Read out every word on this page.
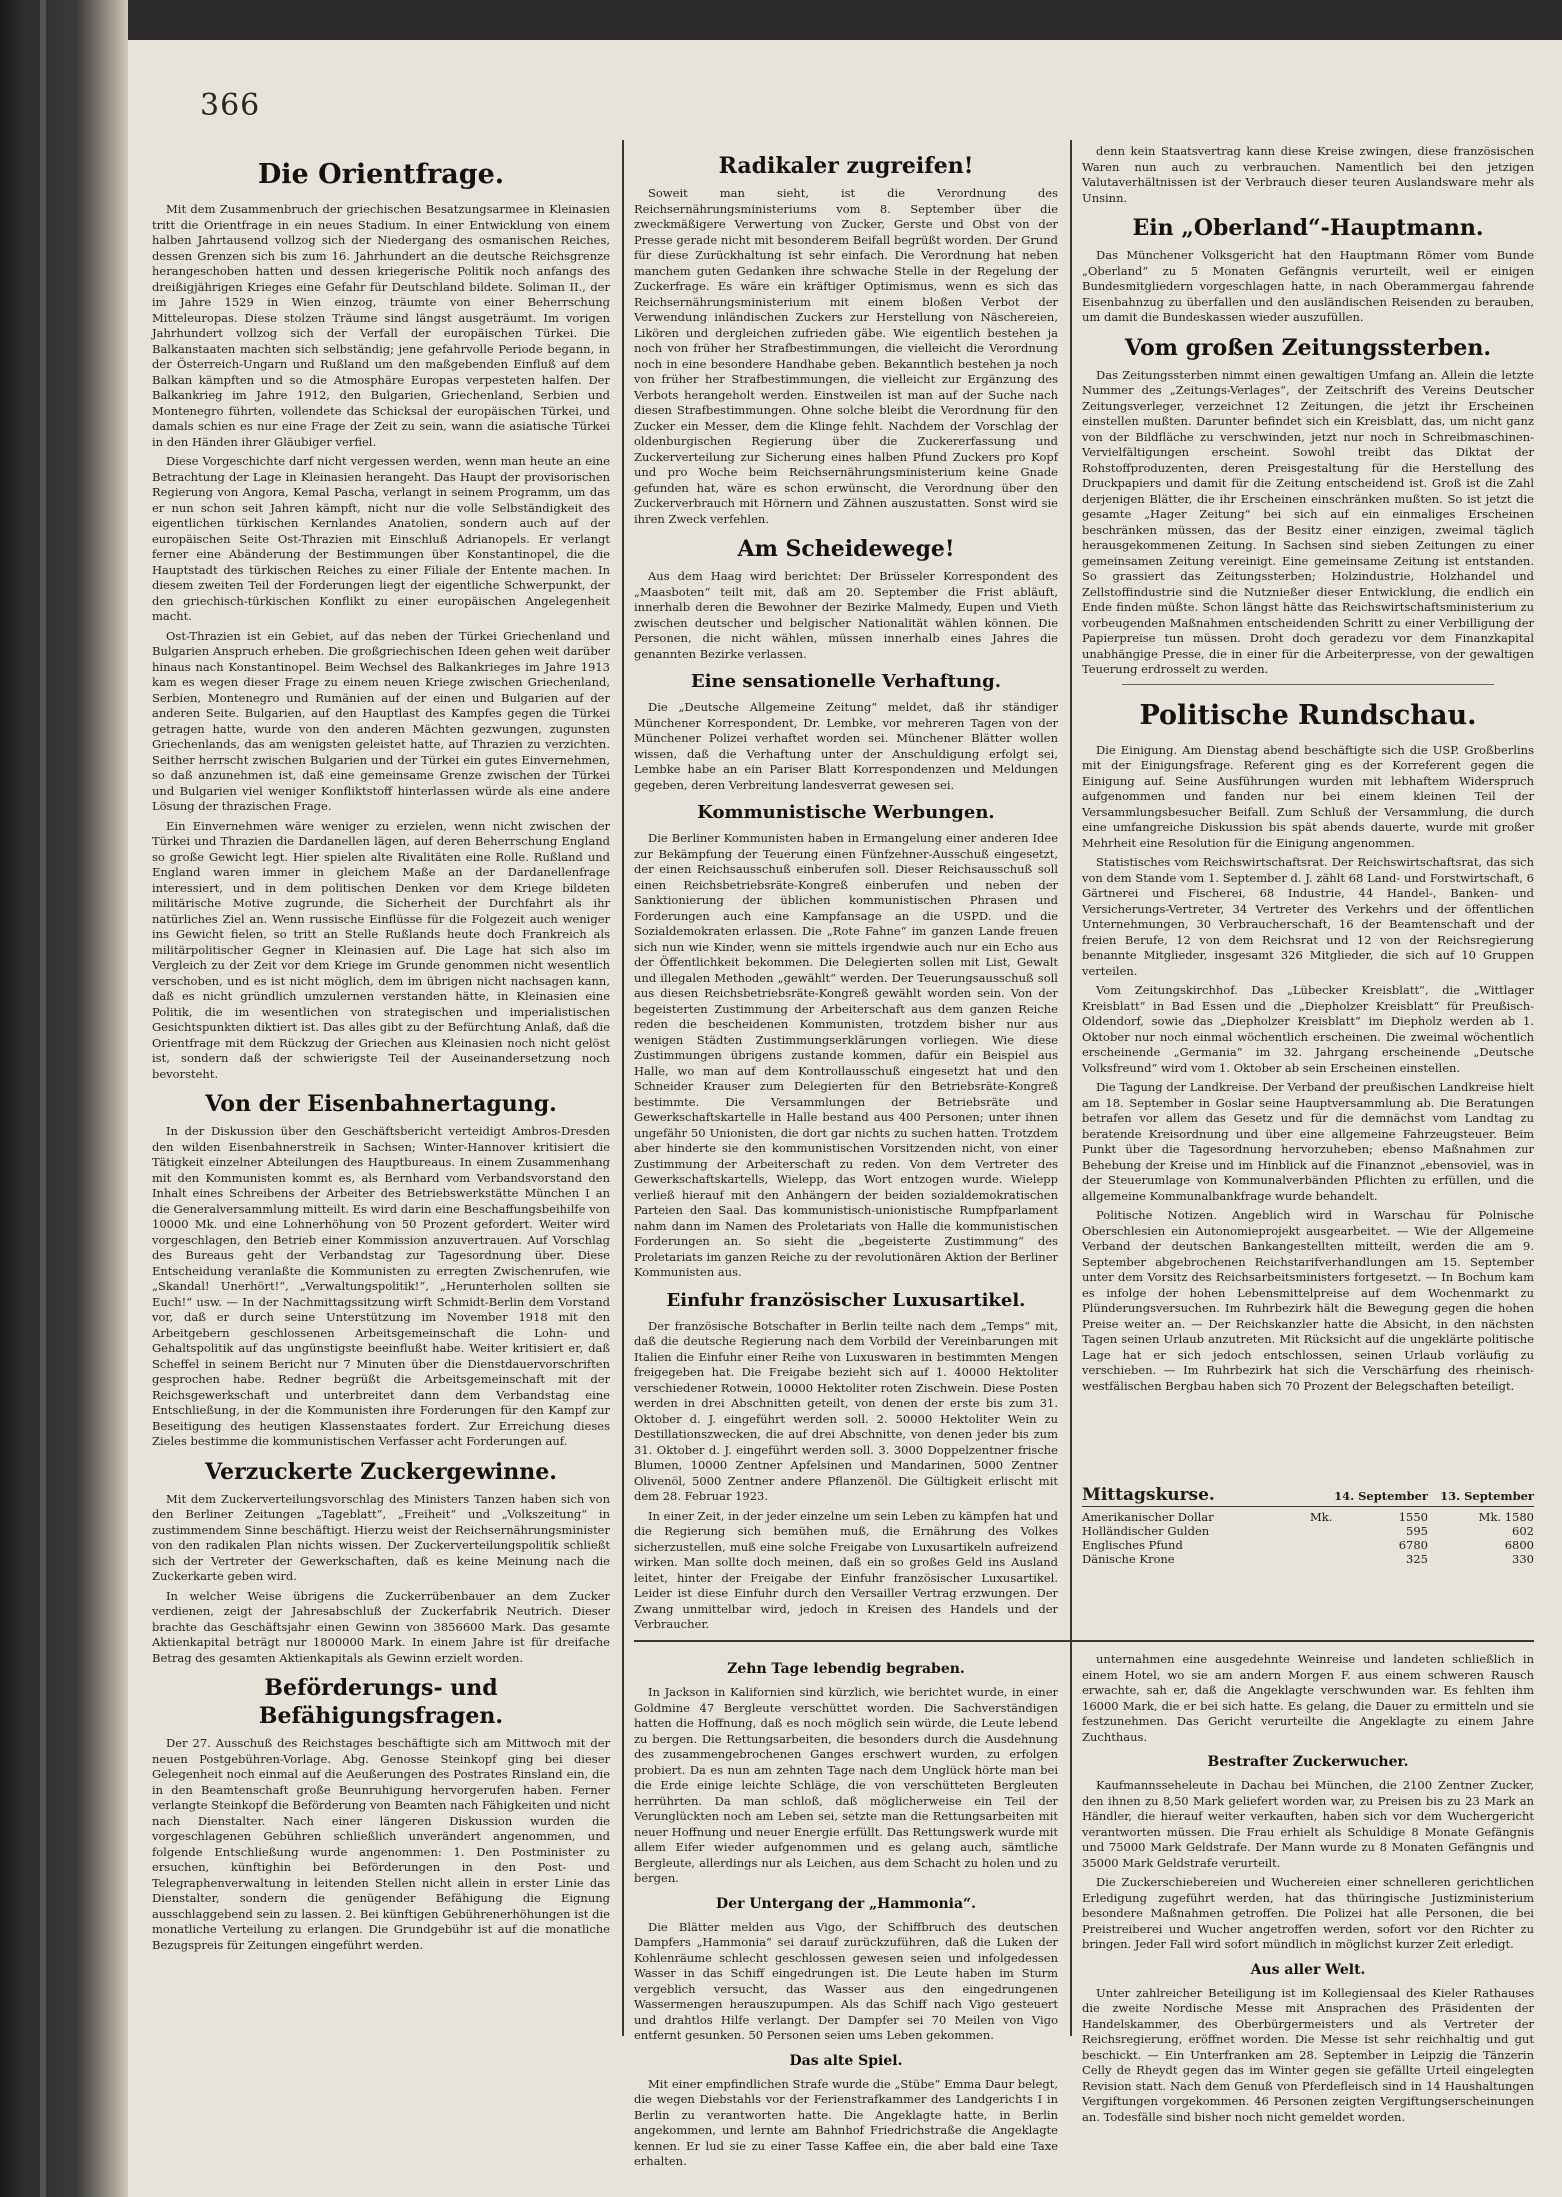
366
Die Orientfrage.

Mit dem Zusammenbruch der griechischen Besatzungsarmee in Kleinasien tritt die Orientfrage in ein neues Stadium. In einer Entwicklung von einem halben Jahrtausend vollzog sich der Niedergang des osmanischen Reiches, dessen Grenzen sich bis zum 16. Jahrhundert an die deutsche Reichsgrenze herangeschoben hatten und dessen kriegerische Politik noch anfangs des dreißigjährigen Krieges eine Gefahr für Deutschland bildete. Soliman II., der im Jahre 1529 in Wien einzog, träumte von einer Beherrschung Mitteleuropas. Diese stolzen Träume sind längst ausgeträumt. Im vorigen Jahrhundert vollzog sich der Verfall der europäischen Türkei. Die Balkanstaaten machten sich selbständig; jene gefahrvolle Periode begann, in der Österreich-Ungarn und Rußland um den maßgebenden Einfluß auf dem Balkan kämpften und so die Atmosphäre Europas verpesteten halfen. Der Balkankrieg im Jahre 1912, den Bulgarien, Griechenland, Serbien und Montenegro führten, vollendete das Schicksal der europäischen Türkei, und damals schien es nur eine Frage der Zeit zu sein, wann die asiatische Türkei in den Händen ihrer Gläubiger verfiel.

Diese Vorgeschichte darf nicht vergessen werden, wenn man heute an eine Betrachtung der Lage in Kleinasien herangeht. Das Haupt der provisorischen Regierung von Angora, Kemal Pascha, verlangt in seinem Programm, um das er nun schon seit Jahren kämpft, nicht nur die volle Selbständigkeit des eigentlichen türkischen Kernlandes Anatolien, sondern auch auf der europäischen Seite Ost-Thrazien mit Einschluß Adrianopels. Er verlangt ferner eine Abänderung der Bestimmungen über Konstantinopel, die die Hauptstadt des türkischen Reiches zu einer Filiale der Entente machen. In diesem zweiten Teil der Forderungen liegt der eigentliche Schwerpunkt, der den griechisch-türkischen Konflikt zu einer europäischen Angelegenheit macht.

Ost-Thrazien ist ein Gebiet, auf das neben der Türkei Griechenland und Bulgarien Anspruch erheben. Die großgriechischen Ideen gehen weit darüber hinaus nach Konstantinopel. Beim Wechsel des Balkankrieges im Jahre 1913 kam es wegen dieser Frage zu einem neuen Kriege zwischen Griechenland, Serbien, Montenegro und Rumänien auf der einen und Bulgarien auf der anderen Seite. Bulgarien, auf den Hauptlast des Kampfes gegen die Türkei getragen hatte, wurde von den anderen Mächten gezwungen, zugunsten Griechenlands, das am wenigsten geleistet hatte, auf Thrazien zu verzichten. Seither herrscht zwischen Bulgarien und der Türkei ein gutes Einvernehmen, so daß anzunehmen ist, daß eine gemeinsame Grenze zwischen der Türkei und Bulgarien viel weniger Konfliktstoff hinterlassen würde als eine andere Lösung der thrazischen Frage.

Ein Einvernehmen wäre weniger zu erzielen, wenn nicht zwischen der Türkei und Thrazien die Dardanellen lägen, auf deren Beherrschung England so große Gewicht legt. Hier spielen alte Rivalitäten eine Rolle. Rußland und England waren immer in gleichem Maße an der Dardanellenfrage interessiert, und in dem politischen Denken vor dem Kriege bildeten militärische Motive zugrunde, die Sicherheit der Durchfahrt als ihr natürliches Ziel an. Wenn russische Einflüsse für die Folgezeit auch weniger ins Gewicht fielen, so tritt an Stelle Rußlands heute doch Frankreich als militärpolitischer Gegner in Kleinasien auf. Die Lage hat sich also im Vergleich zu der Zeit vor dem Kriege im Grunde genommen nicht wesentlich verschoben, und es ist nicht möglich, dem im übrigen nicht nachsagen kann, daß es nicht gründlich umzulernen verstanden hätte, in Kleinasien eine Politik, die im wesentlichen von strategischen und imperialistischen Gesichtspunkten diktiert ist. Das alles gibt zu der Befürchtung Anlaß, daß die Orientfrage mit dem Rückzug der Griechen aus Kleinasien noch nicht gelöst ist, sondern daß der schwierigste Teil der Auseinandersetzung noch bevorsteht.

Von der Eisenbahnertagung.

In der Diskussion über den Geschäftsbericht verteidigt Ambros-Dresden den wilden Eisenbahnerstreik in Sachsen; Winter-Hannover kritisiert die Tätigkeit einzelner Abteilungen des Hauptbureaus. In einem Zusammenhang mit den Kommunisten kommt es, als Bernhard vom Verbandsvorstand den Inhalt eines Schreibens der Arbeiter des Betriebswerkstätte München I an die Generalversammlung mitteilt. Es wird darin eine Beschaffungsbeihilfe von 10000 Mk. und eine Lohnerhöhung von 50 Prozent gefordert. Weiter wird vorgeschlagen, den Betrieb einer Kommission anzuvertrauen. Auf Vorschlag des Bureaus geht der Verbandstag zur Tagesordnung über. Diese Entscheidung veranlaßte die Kommunisten zu erregten Zwischenrufen, wie „Skandal! Unerhört!“, „Verwaltungspolitik!“, „Herunterholen sollten sie Euch!“ usw. — In der Nachmittagssitzung wirft Schmidt-Berlin dem Vorstand vor, daß er durch seine Unterstützung im November 1918 mit den Arbeitgebern geschlossenen Arbeitsgemeinschaft die Lohn- und Gehaltspolitik auf das ungünstigste beeinflußt habe. Weiter kritisiert er, daß Scheffel in seinem Bericht nur 7 Minuten über die Dienstdauervorschriften gesprochen habe. Redner begrüßt die Arbeitsgemeinschaft mit der Reichsgewerkschaft und unterbreitet dann dem Verbandstag eine Entschließung, in der die Kommunisten ihre Forderungen für den Kampf zur Beseitigung des heutigen Klassenstaates fordert. Zur Erreichung dieses Zieles bestimme die kommunistischen Verfasser acht Forderungen auf.

Verzuckerte Zuckergewinne.

Mit dem Zuckerverteilungsvorschlag des Ministers Tanzen haben sich von den Berliner Zeitungen „Tageblatt“, „Freiheit“ und „Volkszeitung“ in zustimmendem Sinne beschäftigt. Hierzu weist der Reichsernährungsminister von den radikalen Plan nichts wissen. Der Zuckerverteilungspolitik schließt sich der Vertreter der Gewerkschaften, daß es keine Meinung nach die Zuckerkarte geben wird.

In welcher Weise übrigens die Zuckerrübenbauer an dem Zucker verdienen, zeigt der Jahresabschluß der Zuckerfabrik Neutrich. Dieser brachte das Geschäftsjahr einen Gewinn von 3856600 Mark. Das gesamte Aktienkapital beträgt nur 1800000 Mark. In einem Jahre ist für dreifache Betrag des gesamten Aktienkapitals als Gewinn erzielt worden.

Beförderungs- und Befähigungsfragen.

Der 27. Ausschuß des Reichstages beschäftigte sich am Mittwoch mit der neuen Postgebühren-Vorlage. Abg. Genosse Steinkopf ging bei dieser Gelegenheit noch einmal auf die Aeußerungen des Postrates Rinsland ein, die in den Beamtenschaft große Beunruhigung hervorgerufen haben. Ferner verlangte Steinkopf die Beförderung von Beamten nach Fähigkeiten und nicht nach Dienstalter. Nach einer längeren Diskussion wurden die vorgeschlagenen Gebühren schließlich unverändert angenommen, und folgende Entschließung wurde angenommen: 1. Den Postminister zu ersuchen, künftighin bei Beförderungen in den Post- und Telegraphenverwaltung in leitenden Stellen nicht allein in erster Linie das Dienstalter, sondern die genügender Befähigung die Eignung ausschlaggebend sein zu lassen. 2. Bei künftigen Gebührenerhöhungen ist die monatliche Verteilung zu erlangen. Die Grundgebühr ist auf die monatliche Bezugspreis für Zeitungen eingeführt werden.

Radikaler zugreifen!

Soweit man sieht, ist die Verordnung des Reichsernährungsministeriums vom 8. September über die zweckmäßigere Verwertung von Zucker, Gerste und Obst von der Presse gerade nicht mit besonderem Beifall begrüßt worden. Der Grund für diese Zurückhaltung ist sehr einfach. Die Verordnung hat neben manchem guten Gedanken ihre schwache Stelle in der Regelung der Zuckerfrage. Es wäre ein kräftiger Optimismus, wenn es sich das Reichsernährungsministerium mit einem bloßen Verbot der Verwendung inländischen Zuckers zur Herstellung von Näschereien, Likören und dergleichen zufrieden gäbe. Wie eigentlich bestehen ja noch von früher her Strafbestimmungen, die vielleicht die Verordnung noch in eine besondere Handhabe geben. Bekanntlich bestehen ja noch von früher her Strafbestimmungen, die vielleicht zur Ergänzung des Verbots herangeholt werden. Einstweilen ist man auf der Suche nach diesen Strafbestimmungen. Ohne solche bleibt die Verordnung für den Zucker ein Messer, dem die Klinge fehlt. Nachdem der Vorschlag der oldenburgischen Regierung über die Zuckererfassung und Zuckerverteilung zur Sicherung eines halben Pfund Zuckers pro Kopf und pro Woche beim Reichsernährungsministerium keine Gnade gefunden hat, wäre es schon erwünscht, die Verordnung über den Zuckerverbrauch mit Hörnern und Zähnen auszustatten. Sonst wird sie ihren Zweck verfehlen.

Am Scheidewege!

Aus dem Haag wird berichtet: Der Brüsseler Korrespondent des „Maasboten“ teilt mit, daß am 20. September die Frist abläuft, innerhalb deren die Bewohner der Bezirke Malmedy, Eupen und Vieth zwischen deutscher und belgischer Nationalität wählen können. Die Personen, die nicht wählen, müssen innerhalb eines Jahres die genannten Bezirke verlassen.

Eine sensationelle Verhaftung.

Die „Deutsche Allgemeine Zeitung“ meldet, daß ihr ständiger Münchener Korrespondent, Dr. Lembke, vor mehreren Tagen von der Münchener Polizei verhaftet worden sei. Münchener Blätter wollen wissen, daß die Verhaftung unter der Anschuldigung erfolgt sei, Lembke habe an ein Pariser Blatt Korrespondenzen und Meldungen gegeben, deren Verbreitung landesverrat gewesen sei.

Kommunistische Werbungen.

Die Berliner Kommunisten haben in Ermangelung einer anderen Idee zur Bekämpfung der Teuerung einen Fünfzehner-Ausschuß eingesetzt, der einen Reichsausschuß einberufen soll. Dieser Reichsausschuß soll einen Reichsbetriebsräte-Kongreß einberufen und neben der Sanktionierung der üblichen kommunistischen Phrasen und Forderungen auch eine Kampfansage an die USPD. und die Sozialdemokraten erlassen. Die „Rote Fahne“ im ganzen Lande freuen sich nun wie Kinder, wenn sie mittels irgendwie auch nur ein Echo aus der Öffentlichkeit bekommen. Die Delegierten sollen mit List, Gewalt und illegalen Methoden „gewählt“ werden. Der Teuerungsausschuß soll aus diesen Reichsbetriebsräte-Kongreß gewählt worden sein. Von der begeisterten Zustimmung der Arbeiterschaft aus dem ganzen Reiche reden die bescheidenen Kommunisten, trotzdem bisher nur aus wenigen Städten Zustimmungserklärungen vorliegen. Wie diese Zustimmungen übrigens zustande kommen, dafür ein Beispiel aus Halle, wo man auf dem Kontrollausschuß eingesetzt hat und den Schneider Krauser zum Delegierten für den Betriebsräte-Kongreß bestimmte. Die Versammlungen der Betriebsräte und Gewerkschaftskartelle in Halle bestand aus 400 Personen; unter ihnen ungefähr 50 Unionisten, die dort gar nichts zu suchen hatten. Trotzdem aber hinderte sie den kommunistischen Vorsitzenden nicht, von einer Zustimmung der Arbeiterschaft zu reden. Von dem Vertreter des Gewerkschaftskartells, Wielepp, das Wort entzogen wurde. Wielepp verließ hierauf mit den Anhängern der beiden sozialdemokratischen Parteien den Saal. Das kommunistisch-unionistische Rumpfparlament nahm dann im Namen des Proletariats von Halle die kommunistischen Forderungen an. So sieht die „begeisterte Zustimmung“ des Proletariats im ganzen Reiche zu der revolutionären Aktion der Berliner Kommunisten aus.

Einfuhr französischer Luxusartikel.

Der französische Botschafter in Berlin teilte nach dem „Temps“ mit, daß die deutsche Regierung nach dem Vorbild der Vereinbarungen mit Italien die Einfuhr einer Reihe von Luxuswaren in bestimmten Mengen freigegeben hat. Die Freigabe bezieht sich auf 1. 40000 Hektoliter verschiedener Rotwein, 10000 Hektoliter roten Zischwein. Diese Posten werden in drei Abschnitten geteilt, von denen der erste bis zum 31. Oktober d. J. eingeführt werden soll. 2. 50000 Hektoliter Wein zu Destillationszwecken, die auf drei Abschnitte, von denen jeder bis zum 31. Oktober d. J. eingeführt werden soll. 3. 3000 Doppelzentner frische Blumen, 10000 Zentner Apfelsinen und Mandarinen, 5000 Zentner Olivenöl, 5000 Zentner andere Pflanzenöl. Die Gültigkeit erlischt mit dem 28. Februar 1923.

In einer Zeit, in der jeder einzelne um sein Leben zu kämpfen hat und die Regierung sich bemühen muß, die Ernährung des Volkes sicherzustellen, muß eine solche Freigabe von Luxusartikeln aufreizend wirken. Man sollte doch meinen, daß ein so großes Geld ins Ausland leitet, hinter der Freigabe der Einfuhr französischer Luxusartikel. Leider ist diese Einfuhr durch den Versailler Vertrag erzwungen. Der Zwang unmittelbar wird, jedoch in Kreisen des Handels und der Verbraucher.

denn kein Staatsvertrag kann diese Kreise zwingen, diese französischen Waren nun auch zu verbrauchen. Namentlich bei den jetzigen Valutaverhältnissen ist der Verbrauch dieser teuren Auslandsware mehr als Unsinn.

Ein „Oberland“-Hauptmann.

Das Münchener Volksgericht hat den Hauptmann Römer vom Bunde „Oberland“ zu 5 Monaten Gefängnis verurteilt, weil er einigen Bundesmitgliedern vorgeschlagen hatte, in nach Oberammergau fahrende Eisenbahnzug zu überfallen und den ausländischen Reisenden zu berauben, um damit die Bundeskassen wieder auszufüllen.

Vom großen Zeitungssterben.

Das Zeitungssterben nimmt einen gewaltigen Umfang an. Allein die letzte Nummer des „Zeitungs-Verlages“, der Zeitschrift des Vereins Deutscher Zeitungsverleger, verzeichnet 12 Zeitungen, die jetzt ihr Erscheinen einstellen mußten. Darunter befindet sich ein Kreisblatt, das, um nicht ganz von der Bildfläche zu verschwinden, jetzt nur noch in Schreibmaschinen-Vervielfältigungen erscheint. Sowohl treibt das Diktat der Rohstoffproduzenten, deren Preisgestaltung für die Herstellung des Druckpapiers und damit für die Zeitung entscheidend ist. Groß ist die Zahl derjenigen Blätter, die ihr Erscheinen einschränken mußten. So ist jetzt die gesamte „Hager Zeitung“ bei sich auf ein einmaliges Erscheinen beschränken müssen, das der Besitz einer einzigen, zweimal täglich herausgekommenen Zeitung. In Sachsen sind sieben Zeitungen zu einer gemeinsamen Zeitung vereinigt. Eine gemeinsame Zeitung ist entstanden. So grassiert das Zeitungssterben; Holzindustrie, Holzhandel und Zellstoffindustrie sind die Nutznießer dieser Entwicklung, die endlich ein Ende finden müßte. Schon längst hätte das Reichswirtschaftsministerium zu vorbeugenden Maßnahmen entscheidenden Schritt zu einer Verbilligung der Papierpreise tun müssen. Droht doch geradezu vor dem Finanzkapital unabhängige Presse, die in einer für die Arbeiterpresse, von der gewaltigen Teuerung erdrosselt zu werden.

Politische Rundschau.

Die Einigung. Am Dienstag abend beschäftigte sich die USP. Großberlins mit der Einigungsfrage. Referent ging es der Korreferent gegen die Einigung auf. Seine Ausführungen wurden mit lebhaftem Widerspruch aufgenommen und fanden nur bei einem kleinen Teil der Versammlungsbesucher Beifall. Zum Schluß der Versammlung, die durch eine umfangreiche Diskussion bis spät abends dauerte, wurde mit großer Mehrheit eine Resolution für die Einigung angenommen.

Statistisches vom Reichswirtschaftsrat. Der Reichswirtschaftsrat, das sich von dem Stande vom 1. September d. J. zählt 68 Land- und Forstwirtschaft, 6 Gärtnerei und Fischerei, 68 Industrie, 44 Handel-, Banken- und Versicherungs-Vertreter, 34 Vertreter des Verkehrs und der öffentlichen Unternehmungen, 30 Verbraucherschaft, 16 der Beamtenschaft und der freien Berufe, 12 von dem Reichsrat und 12 von der Reichsregierung benannte Mitglieder, insgesamt 326 Mitglieder, die sich auf 10 Gruppen verteilen.

Vom Zeitungskirchhof. Das „Lübecker Kreisblatt“, die „Wittlager Kreisblatt“ in Bad Essen und die „Diepholzer Kreisblatt“ für Preußisch-Oldendorf, sowie das „Diepholzer Kreisblatt“ im Diepholz werden ab 1. Oktober nur noch einmal wöchentlich erscheinen. Die zweimal wöchentlich erscheinende „Germania“ im 32. Jahrgang erscheinende „Deutsche Volksfreund“ wird vom 1. Oktober ab sein Erscheinen einstellen.

Die Tagung der Landkreise. Der Verband der preußischen Landkreise hielt am 18. September in Goslar seine Hauptversammlung ab. Die Beratungen betrafen vor allem das Gesetz und für die demnächst vom Landtag zu beratende Kreisordnung und über eine allgemeine Fahrzeugsteuer. Beim Punkt über die Tagesordnung hervorzuheben; ebenso Maßnahmen zur Behebung der Kreise und im Hinblick auf die Finanznot „ebensoviel, was in der Steuerumlage von Kommunalverbänden Pflichten zu erfüllen, und die allgemeine Kommunalbankfrage wurde behandelt.

Politische Notizen. Angeblich wird in Warschau für Polnische Oberschlesien ein Autonomieprojekt ausgearbeitet. — Wie der Allgemeine Verband der deutschen Bankangestellten mitteilt, werden die am 9. September abgebrochenen Reichstarifverhandlungen am 15. September unter dem Vorsitz des Reichsarbeitsministers fortgesetzt. — In Bochum kam es infolge der hohen Lebensmittelpreise auf dem Wochenmarkt zu Plünderungsversuchen. Im Ruhrbezirk hält die Bewegung gegen die hohen Preise weiter an. — Der Reichskanzler hatte die Absicht, in den nächsten Tagen seinen Urlaub anzutreten. Mit Rücksicht auf die ungeklärte politische Lage hat er sich jedoch entschlossen, seinen Urlaub vorläufig zu verschieben. — Im Ruhrbezirk hat sich die Verschärfung des rheinisch-westfälischen Bergbau haben sich 70 Prozent der Belegschaften beteiligt.

Mittagskurse.	14. September	13. September
Amerikanischer Dollar	Mk.	1550	Mk. 1580
Holländischer Gulden	595	602
Englisches Pfund	6780	6800
Dänische Krone	325	330
Zehn Tage lebendig begraben.

In Jackson in Kalifornien sind kürzlich, wie berichtet wurde, in einer Goldmine 47 Bergleute verschüttet worden. Die Sachverständigen hatten die Hoffnung, daß es noch möglich sein würde, die Leute lebend zu bergen. Die Rettungsarbeiten, die besonders durch die Ausdehnung des zusammengebrochenen Ganges erschwert wurden, zu erfolgen probiert. Da es nun am zehnten Tage nach dem Unglück hörte man bei die Erde einige leichte Schläge, die von verschütteten Bergleuten herrührten. Da man schloß, daß möglicherweise ein Teil der Verunglückten noch am Leben sei, setzte man die Rettungsarbeiten mit neuer Hoffnung und neuer Energie erfüllt. Das Rettungswerk wurde mit allem Eifer wieder aufgenommen und es gelang auch, sämtliche Bergleute, allerdings nur als Leichen, aus dem Schacht zu holen und zu bergen.

Der Untergang der „Hammonia“.

Die Blätter melden aus Vigo, der Schiffbruch des deutschen Dampfers „Hammonia“ sei darauf zurückzuführen, daß die Luken der Kohlenräume schlecht geschlossen gewesen seien und infolgedessen Wasser in das Schiff eingedrungen ist. Die Leute haben im Sturm vergeblich versucht, das Wasser aus den eingedrungenen Wassermengen herauszupumpen. Als das Schiff nach Vigo gesteuert und drahtlos Hilfe verlangt. Der Dampfer sei 70 Meilen von Vigo entfernt gesunken. 50 Personen seien ums Leben gekommen.

Das alte Spiel.

Mit einer empfindlichen Strafe wurde die „Stübe“ Emma Daur belegt, die wegen Diebstahls vor der Ferienstrafkammer des Landgerichts I in Berlin zu verantworten hatte. Die Angeklagte hatte, in Berlin angekommen, und lernte am Bahnhof Friedrichstraße die Angeklagte kennen. Er lud sie zu einer Tasse Kaffee ein, die aber bald eine Taxe erhalten.

unternahmen eine ausgedehnte Weinreise und landeten schließlich in einem Hotel, wo sie am andern Morgen F. aus einem schweren Rausch erwachte, sah er, daß die Angeklagte verschwunden war. Es fehlten ihm 16000 Mark, die er bei sich hatte. Es gelang, die Dauer zu ermitteln und sie festzunehmen. Das Gericht verurteilte die Angeklagte zu einem Jahre Zuchthaus.

Bestrafter Zuckerwucher.

Kaufmannsseheleute in Dachau bei München, die 2100 Zentner Zucker, den ihnen zu 8,50 Mark geliefert worden war, zu Preisen bis zu 23 Mark an Händler, die hierauf weiter verkauften, haben sich vor dem Wuchergericht verantworten müssen. Die Frau erhielt als Schuldige 8 Monate Gefängnis und 75000 Mark Geldstrafe. Der Mann wurde zu 8 Monaten Gefängnis und 35000 Mark Geldstrafe verurteilt.

Die Zuckerschiebereien und Wuchereien einer schnelleren gerichtlichen Erledigung zugeführt werden, hat das thüringische Justizministerium besondere Maßnahmen getroffen. Die Polizei hat alle Personen, die bei Preistreiberei und Wucher angetroffen werden, sofort vor den Richter zu bringen. Jeder Fall wird sofort mündlich in möglichst kurzer Zeit erledigt.

Aus aller Welt.

Unter zahlreicher Beteiligung ist im Kollegiensaal des Kieler Rathauses die zweite Nordische Messe mit Ansprachen des Präsidenten der Handelskammer, des Oberbürgermeisters und als Vertreter der Reichsregierung, eröffnet worden. Die Messe ist sehr reichhaltig und gut beschickt. — Ein Unterfranken am 28. September in Leipzig die Tänzerin Celly de Rheydt gegen das im Winter gegen sie gefällte Urteil eingelegten Revision statt. Nach dem Genuß von Pferdefleisch sind in 14 Haushaltungen Vergiftungen vorgekommen. 46 Personen zeigten Vergiftungserscheinungen an. Todesfälle sind bisher noch nicht gemeldet worden.
